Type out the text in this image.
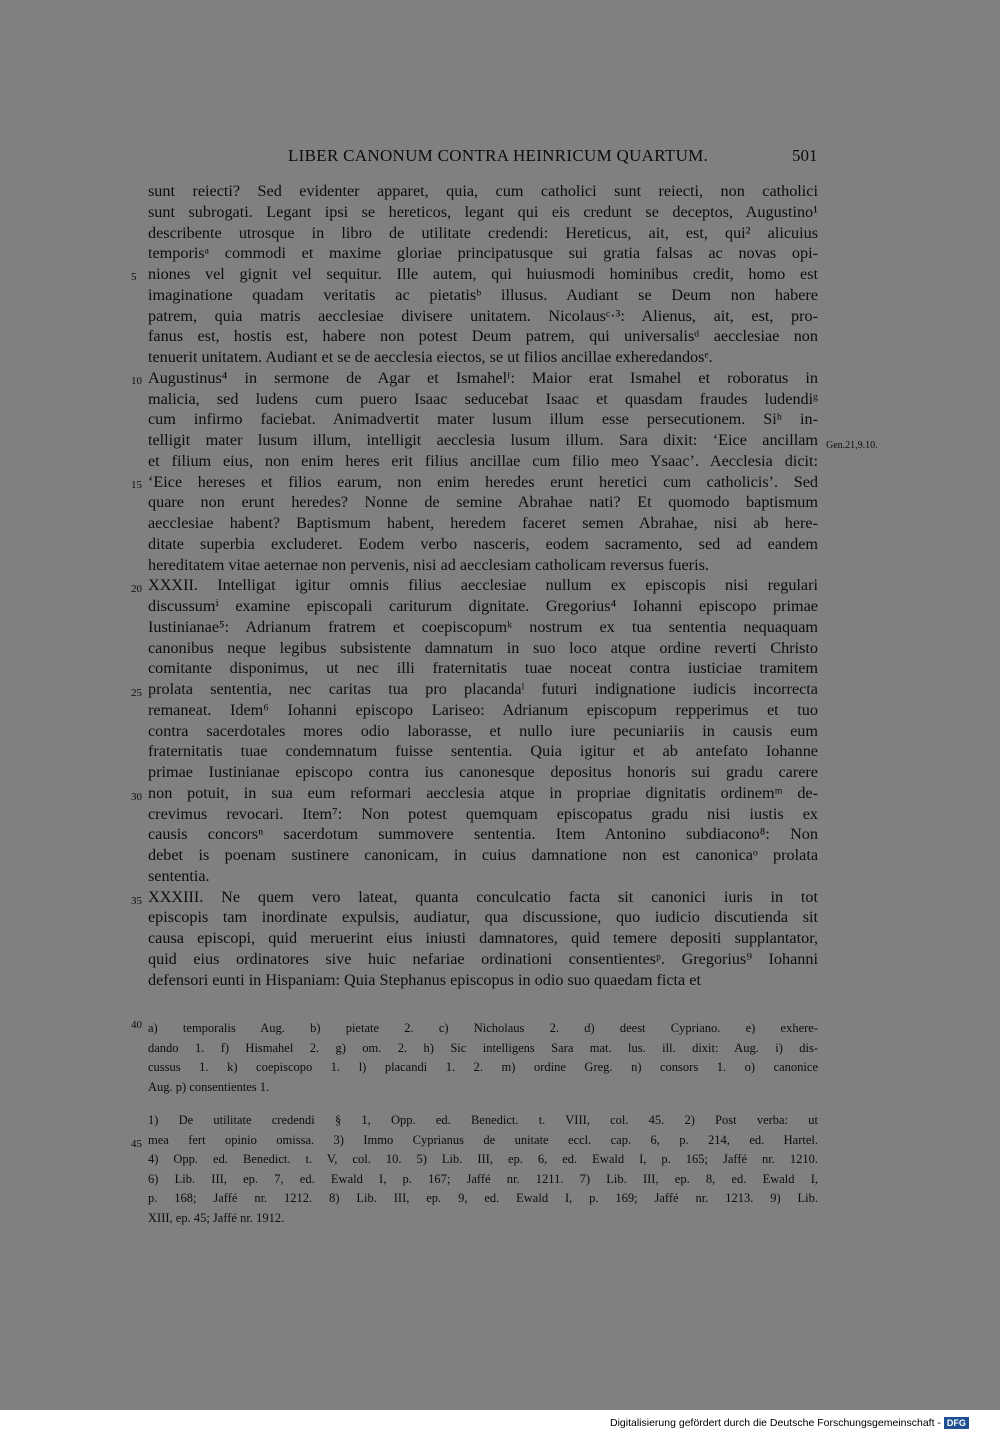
LIBER CANONUM CONTRA HEINRICUM QUARTUM.	501
sunt reiecti? Sed evidenter apparet, quia, cum catholici sunt reiecti, non catholici
sunt subrogati. Legant ipsi se hereticos, legant qui eis credunt se deceptos, Augustino¹
describente utrosque in libro de utilitate credendi: Hereticus, ait, est, qui² alicuius
temporisᵃ commodi et maxime gloriae principatusque sui gratia falsas ac novas opi-
niones vel gignit vel sequitur. Ille autem, qui huiusmodi hominibus credit, homo est
imaginatione quadam veritatis ac pietatisᵇ illusus. Audiant se Deum non habere
patrem, quia matris aecclesiae divisere unitatem. Nicolausᶜ·³: Alienus, ait, est, pro-
fanus est, hostis est, habere non potest Deum patrem, qui universalisᵈ aecclesiae non
tenuerit unitatem. Audiant et se de aecclesia eiectos, se ut filios ancillae exheredandosᵉ.
Augustinus⁴ in sermone de Agar et Ismahelᶠ: Maior erat Ismahel et roboratus in
malicia, sed ludens cum puero Isaac seducebat Isaac et quasdam fraudes ludendiᵍ
cum infirmo faciebat. Animadvertit mater lusum illum esse persecutionem. Siʰ in-
telligit mater lusum illum, intelligit aecclesia lusum illum. Sara dixit: ‘Eice ancillam
et filium eius, non enim heres erit filius ancillae cum filio meo Ysaac’. Aecclesia dicit:
‘Eice hereses et filios earum, non enim heredes erunt heretici cum catholicis’. Sed
quare non erunt heredes? Nonne de semine Abrahae nati? Et quomodo baptismum
aecclesiae habent? Baptismum habent, heredem faceret semen Abrahae, nisi ab here-
ditate superbia excluderet. Eodem verbo nasceris, eodem sacramento, sed ad eandem
hereditatem vitae aeternae non pervenis, nisi ad aecclesiam catholicam reversus fueris.
XXXII. Intelligat igitur omnis filius aecclesiae nullum ex episcopis nisi regulari
discussumⁱ examine episcopali cariturum dignitate. Gregorius⁴ Iohanni episcopo primae
Iustinianae⁵: Adrianum fratrem et coepiscopumᵏ nostrum ex tua sententia nequaquam
canonibus neque legibus subsistente damnatum in suo loco atque ordine reverti Christo
comitante disponimus, ut nec illi fraternitatis tuae noceat contra iusticiae tramitem
prolata sententia, nec caritas tua pro placandaˡ futuri indignatione iudicis incorrecta
remaneat. Idem⁶ Iohanni episcopo Lariseo: Adrianum episcopum repperimus et tuo
contra sacerdotales mores odio laborasse, et nullo iure pecuniariis in causis eum
fraternitatis tuae condemnatum fuisse sententia. Quia igitur et ab antefato Iohanne
primae Iustinianae episcopo contra ius canonesque depositus honoris sui gradu carere
non potuit, in sua eum reformari aecclesia atque in propriae dignitatis ordinemᵐ de-
crevimus revocari. Item⁷: Non potest quemquam episcopatus gradu nisi iustis ex
causis concorsⁿ sacerdotum summovere sententia. Item Antonino subdiacono⁸: Non
debet is poenam sustinere canonicam, in cuius damnatione non est canonicaᵒ prolata
sententia.
XXXIII. Ne quem vero lateat, quanta conculcatio facta sit canonici iuris in tot
episcopis tam inordinate expulsis, audiatur, qua discussione, quo iudicio discutienda sit
causa episcopi, quid meruerint eius iniusti damnatores, quid temere depositi supplantator,
quid eius ordinatores sive huic nefariae ordinationi consentientesᵖ. Gregorius⁹ Iohanni
defensori eunti in Hispaniam: Quia Stephanus episcopus in odio suo quaedam ficta et
Gen.21,9.10.
a) temporalis Aug. b) pietate 2. c) Nicholaus 2. d) deest Cypriano. e) exhere-
dando 1. f) Hismahel 2. g) om. 2. h) Sic intelligens Sara mat. lus. ill. dixit: Aug. i) dis-
cussus 1. k) coepiscopo 1. l) placandi 1. 2. m) ordine Greg. n) consors 1. o) canonice
Aug. p) consentientes 1.
1) De utilitate credendi § 1, Opp. ed. Benedict. t. VIII, col. 45. 2) Post verba: ut
mea fert opinio omissa. 3) Immo Cyprianus de unitate eccl. cap. 6, p. 214, ed. Hartel.
4) Opp. ed. Benedict. t. V, col. 10. 5) Lib. III, ep. 6, ed. Ewald I, p. 165; Jaffé nr. 1210.
6) Lib. III, ep. 7, ed. Ewald I, p. 167; Jaffé nr. 1211. 7) Lib. III, ep. 8, ed. Ewald I,
p. 168; Jaffé nr. 1212. 8) Lib. III, ep. 9, ed. Ewald I, p. 169; Jaffé nr. 1213. 9) Lib.
XIII, ep. 45; Jaffé nr. 1912.
5
10
15
20
25
30
35
40
45
Digitalisierung gefördert durch die Deutsche Forschungsgemeinschaft - DFG
